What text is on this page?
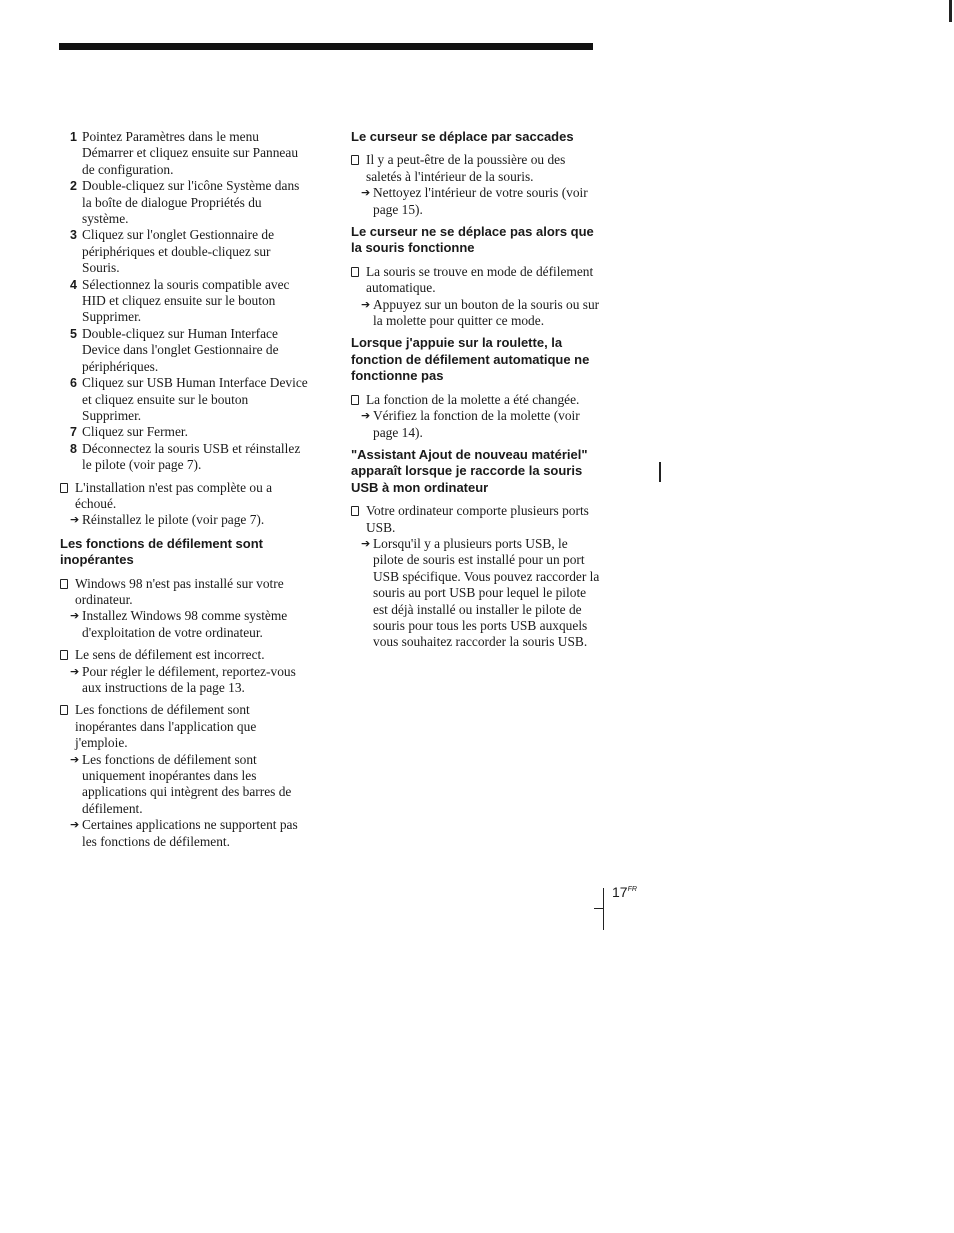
1 Pointez Paramètres dans le menu Démarrer et cliquez ensuite sur Panneau de configuration.
2 Double-cliquez sur l'icône Système dans la boîte de dialogue Propriétés du système.
3 Cliquez sur l'onglet Gestionnaire de périphériques et double-cliquez sur Souris.
4 Sélectionnez la souris compatible avec HID et cliquez ensuite sur le bouton Supprimer.
5 Double-cliquez sur Human Interface Device dans l'onglet Gestionnaire de périphériques.
6 Cliquez sur USB Human Interface Device et cliquez ensuite sur le bouton Supprimer.
7 Cliquez sur Fermer.
8 Déconnectez la souris USB et réinstallez le pilote (voir page 7).
L'installation n'est pas complète ou a échoué.
➔ Réinstallez le pilote (voir page 7).
Les fonctions de défilement sont inopérantes
Windows 98 n'est pas installé sur votre ordinateur.
➔ Installez Windows 98 comme système d'exploitation de votre ordinateur.
Le sens de défilement est incorrect.
➔ Pour régler le défilement, reportez-vous aux instructions de la page 13.
Les fonctions de défilement sont inopérantes dans l'application que j'emploie.
➔ Les fonctions de défilement sont uniquement inopérantes dans les applications qui intègrent des barres de défilement.
➔ Certaines applications ne supportent pas les fonctions de défilement.
Le curseur se déplace par saccades
Il y a peut-être de la poussière ou des saletés à l'intérieur de la souris.
➔ Nettoyez l'intérieur de votre souris (voir page 15).
Le curseur ne se déplace pas alors que la souris fonctionne
La souris se trouve en mode de défilement automatique.
➔ Appuyez sur un bouton de la souris ou sur la molette pour quitter ce mode.
Lorsque j'appuie sur la roulette, la fonction de défilement automatique ne fonctionne pas
La fonction de la molette a été changée.
➔ Vérifiez la fonction de la molette (voir page 14).
"Assistant Ajout de nouveau matériel" apparaît lorsque je raccorde la souris USB à mon ordinateur
Votre ordinateur comporte plusieurs ports USB.
➔ Lorsqu'il y a plusieurs ports USB, le pilote de souris est installé pour un port USB spécifique. Vous pouvez raccorder la souris au port USB pour lequel le pilote est déjà installé ou installer le pilote de souris pour tous les ports USB auxquels vous souhaitez raccorder la souris USB.
$17^{FR}$
